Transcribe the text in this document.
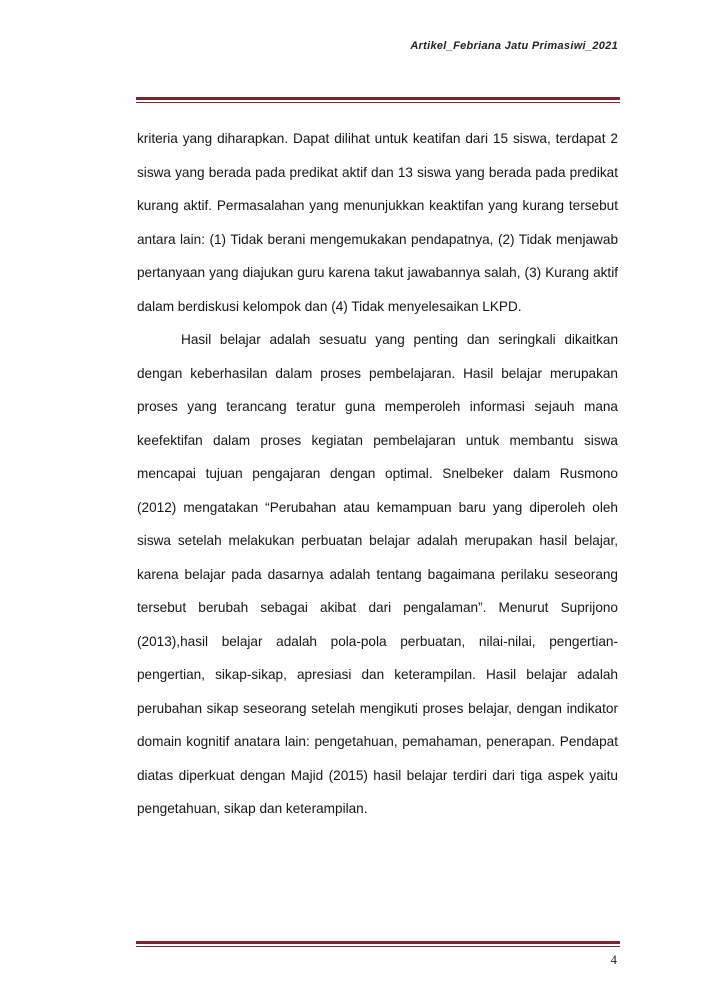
Artikel_Febriana Jatu Primasiwi_2021

kriteria yang diharapkan. Dapat dilihat untuk keatifan dari 15 siswa, terdapat 2 siswa yang berada pada predikat aktif dan 13 siswa yang berada pada predikat kurang aktif. Permasalahan yang menunjukkan keaktifan yang kurang tersebut antara lain: (1) Tidak berani mengemukakan pendapatnya, (2) Tidak menjawab pertanyaan yang diajukan guru karena takut jawabannya salah, (3) Kurang aktif dalam berdiskusi kelompok dan (4) Tidak menyelesaikan LKPD.

Hasil belajar adalah sesuatu yang penting dan seringkali dikaitkan dengan keberhasilan dalam proses pembelajaran. Hasil belajar merupakan proses yang terancang teratur guna memperoleh informasi sejauh mana keefektifan dalam proses kegiatan pembelajaran untuk membantu siswa mencapai tujuan pengajaran dengan optimal. Snelbeker dalam Rusmono (2012) mengatakan “Perubahan atau kemampuan baru yang diperoleh oleh siswa setelah melakukan perbuatan belajar adalah merupakan hasil belajar, karena belajar pada dasarnya adalah tentang bagaimana perilaku seseorang tersebut berubah sebagai akibat dari pengalaman”. Menurut Suprijono (2013),hasil belajar adalah pola-pola perbuatan, nilai-nilai, pengertian-pengertian, sikap-sikap, apresiasi dan keterampilan. Hasil belajar adalah perubahan sikap seseorang setelah mengikuti proses belajar, dengan indikator domain kognitif anatara lain: pengetahuan, pemahaman, penerapan. Pendapat diatas diperkuat dengan Majid (2015) hasil belajar terdiri dari tiga aspek yaitu pengetahuan, sikap dan keterampilan.

4
